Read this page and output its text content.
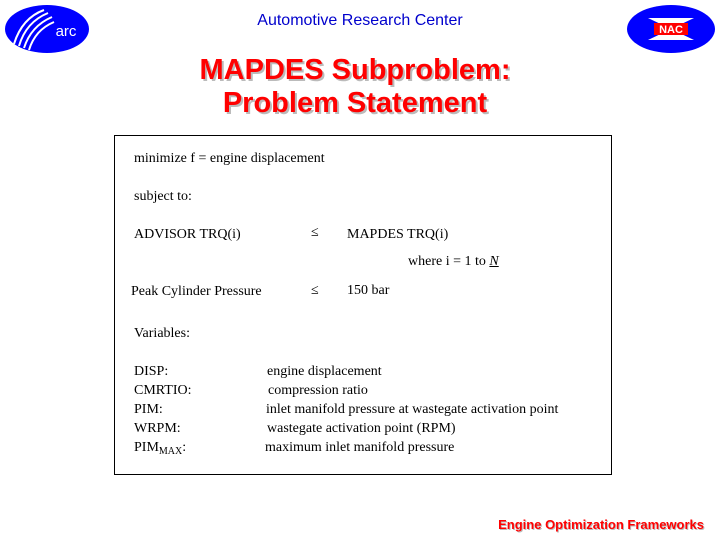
arc
Automotive Research Center
NAC
MAPDES Subproblem:
Problem Statement
minimize f = engine displacement
subject to:
ADVISOR TRQ(i)	≤ MAPDES TRQ(i)
where i = 1 to N
Peak Cylinder Pressure	≤ 150 bar
Variables:
DISP:	engine displacement
CMRTIO:	compression ratio
PIM:	inlet manifold pressure at wastegate activation point
WRPM:	wastegate activation point (RPM)
$PIM_{MAX}$:	maximum inlet manifold pressure
Engine Optimization Frameworks
